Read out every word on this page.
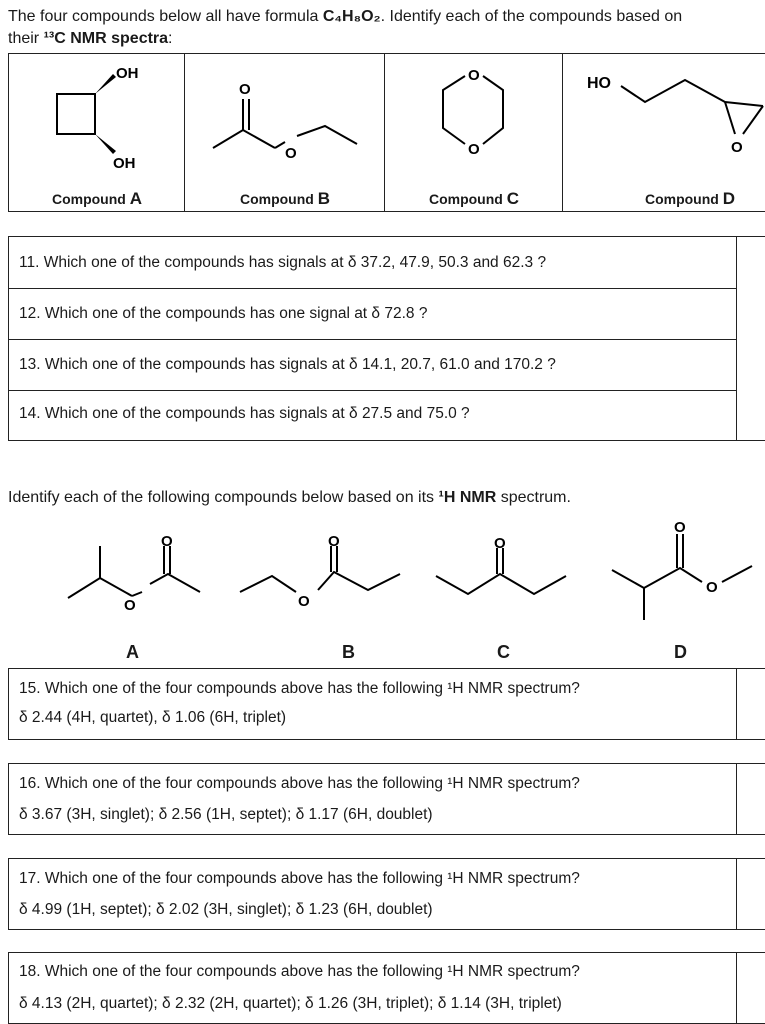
The four compounds below all have formula C₄H₈O₂. Identify each of the compounds based on
their ¹³C NMR spectra:
OH
OH
Compound A
O
O
Compound B
O
O
Compound C
HO
O
Compound D
11. Which one of the compounds has signals at δ 37.2, 47.9, 50.3 and 62.3 ?
12. Which one of the compounds has one signal at δ 72.8 ?
13. Which one of the compounds has signals at δ 14.1, 20.7, 61.0 and 170.2 ?
14. Which one of the compounds has signals at δ 27.5 and 75.0 ?
Identify each of the following compounds below based on its ¹H NMR spectrum.
O
O
O
O	O
O
O
A	B	C	D
15. Which one of the four compounds above has the following ¹H NMR spectrum?
δ 2.44 (4H, quartet), δ 1.06 (6H, triplet)
16. Which one of the four compounds above has the following ¹H NMR spectrum?
δ 3.67 (3H, singlet); δ 2.56 (1H, septet); δ 1.17 (6H, doublet)
17. Which one of the four compounds above has the following ¹H NMR spectrum?
δ 4.99 (1H, septet); δ 2.02 (3H, singlet); δ 1.23 (6H, doublet)
18. Which one of the four compounds above has the following ¹H NMR spectrum?
δ 4.13 (2H, quartet); δ 2.32 (2H, quartet); δ 1.26 (3H, triplet); δ 1.14 (3H, triplet)
